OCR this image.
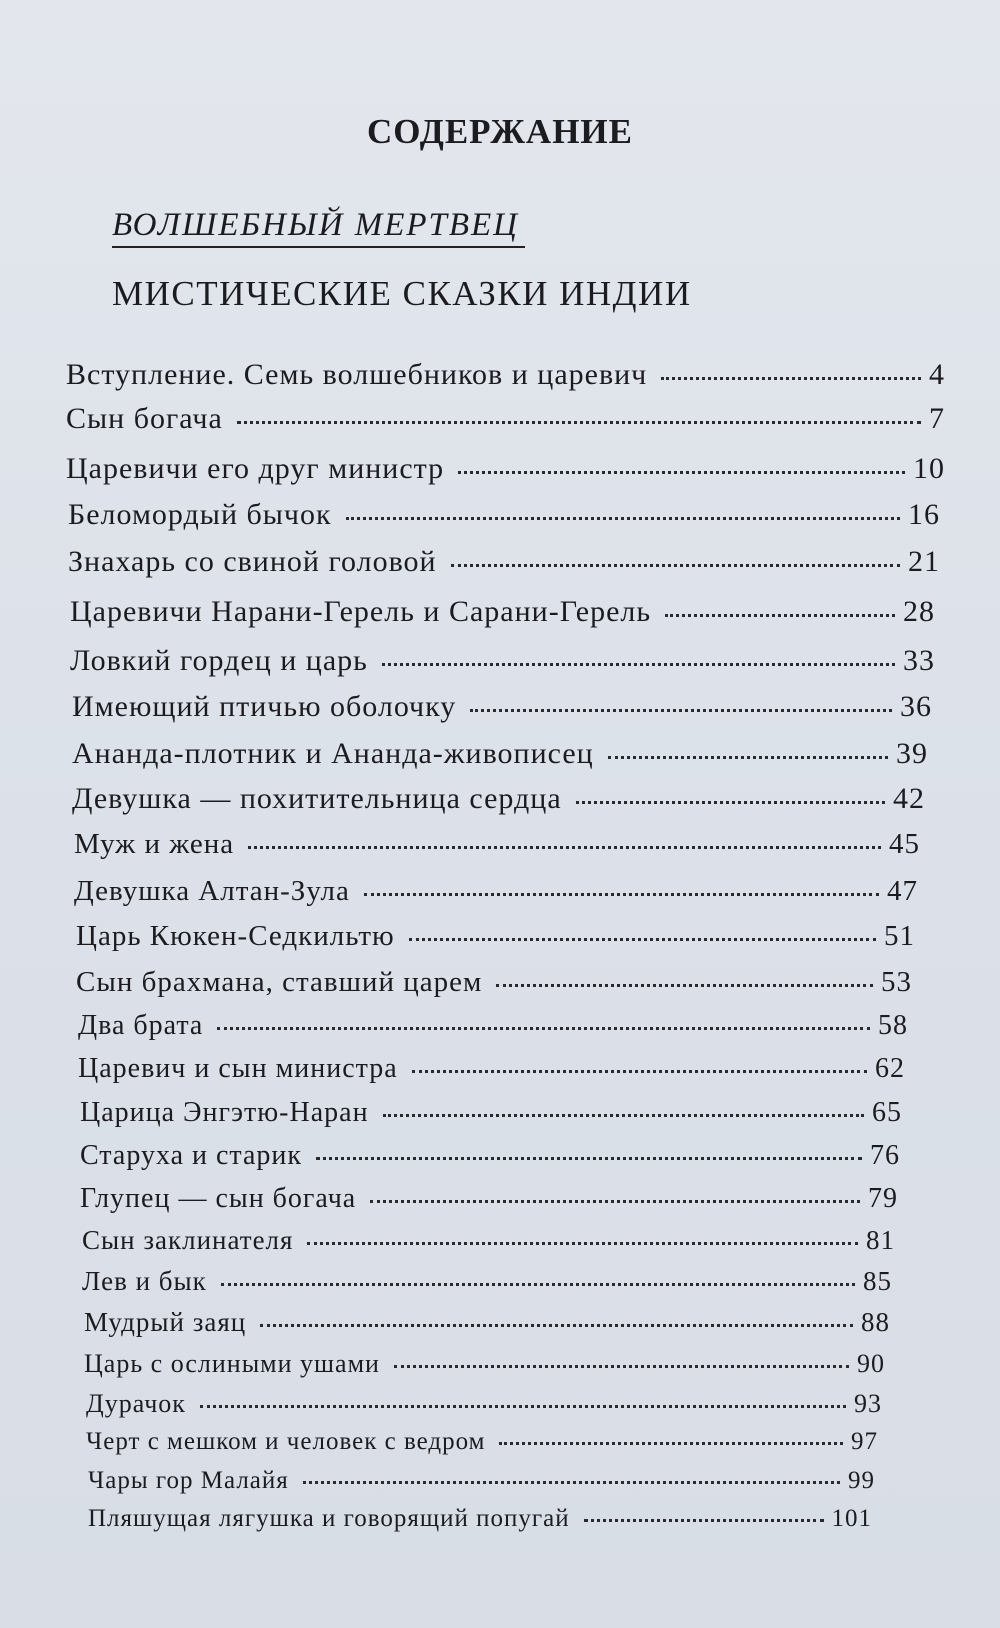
СОДЕРЖАНИЕ
ВОЛШЕБНЫЙ МЕРТВЕЦ
МИСТИЧЕСКИЕ СКАЗКИ ИНДИИ
Вступление. Семь волшебников и царевич	4
Сын богача	7
Царевичи его друг министр	10
Беломордый бычок	16
Знахарь со свиной головой	21
Царевичи Нарани-Герель и Сарани-Герель	28
Ловкий гордец и царь	33
Имеющий птичью оболочку	36
Ананда-плотник и Ананда-живописец	39
Девушка — похитительница сердца	42
Муж и жена	45
Девушка Алтан-Зула	47
Царь Кюкен-Седкильтю	51
Сын брахмана, ставший царем	53
Два брата	58
Царевич и сын министра	62
Царица Энгэтю-Наран	65
Старуха и старик	76
Глупец — сын богача	79
Сын заклинателя	81
Лев и бык	85
Мудрый заяц	88
Царь с ослиными ушами	90
Дурачок	93
Черт с мешком и человек с ведром	97
Чары гор Малайя	99
Пляшущая лягушка и говорящий попугай	101
